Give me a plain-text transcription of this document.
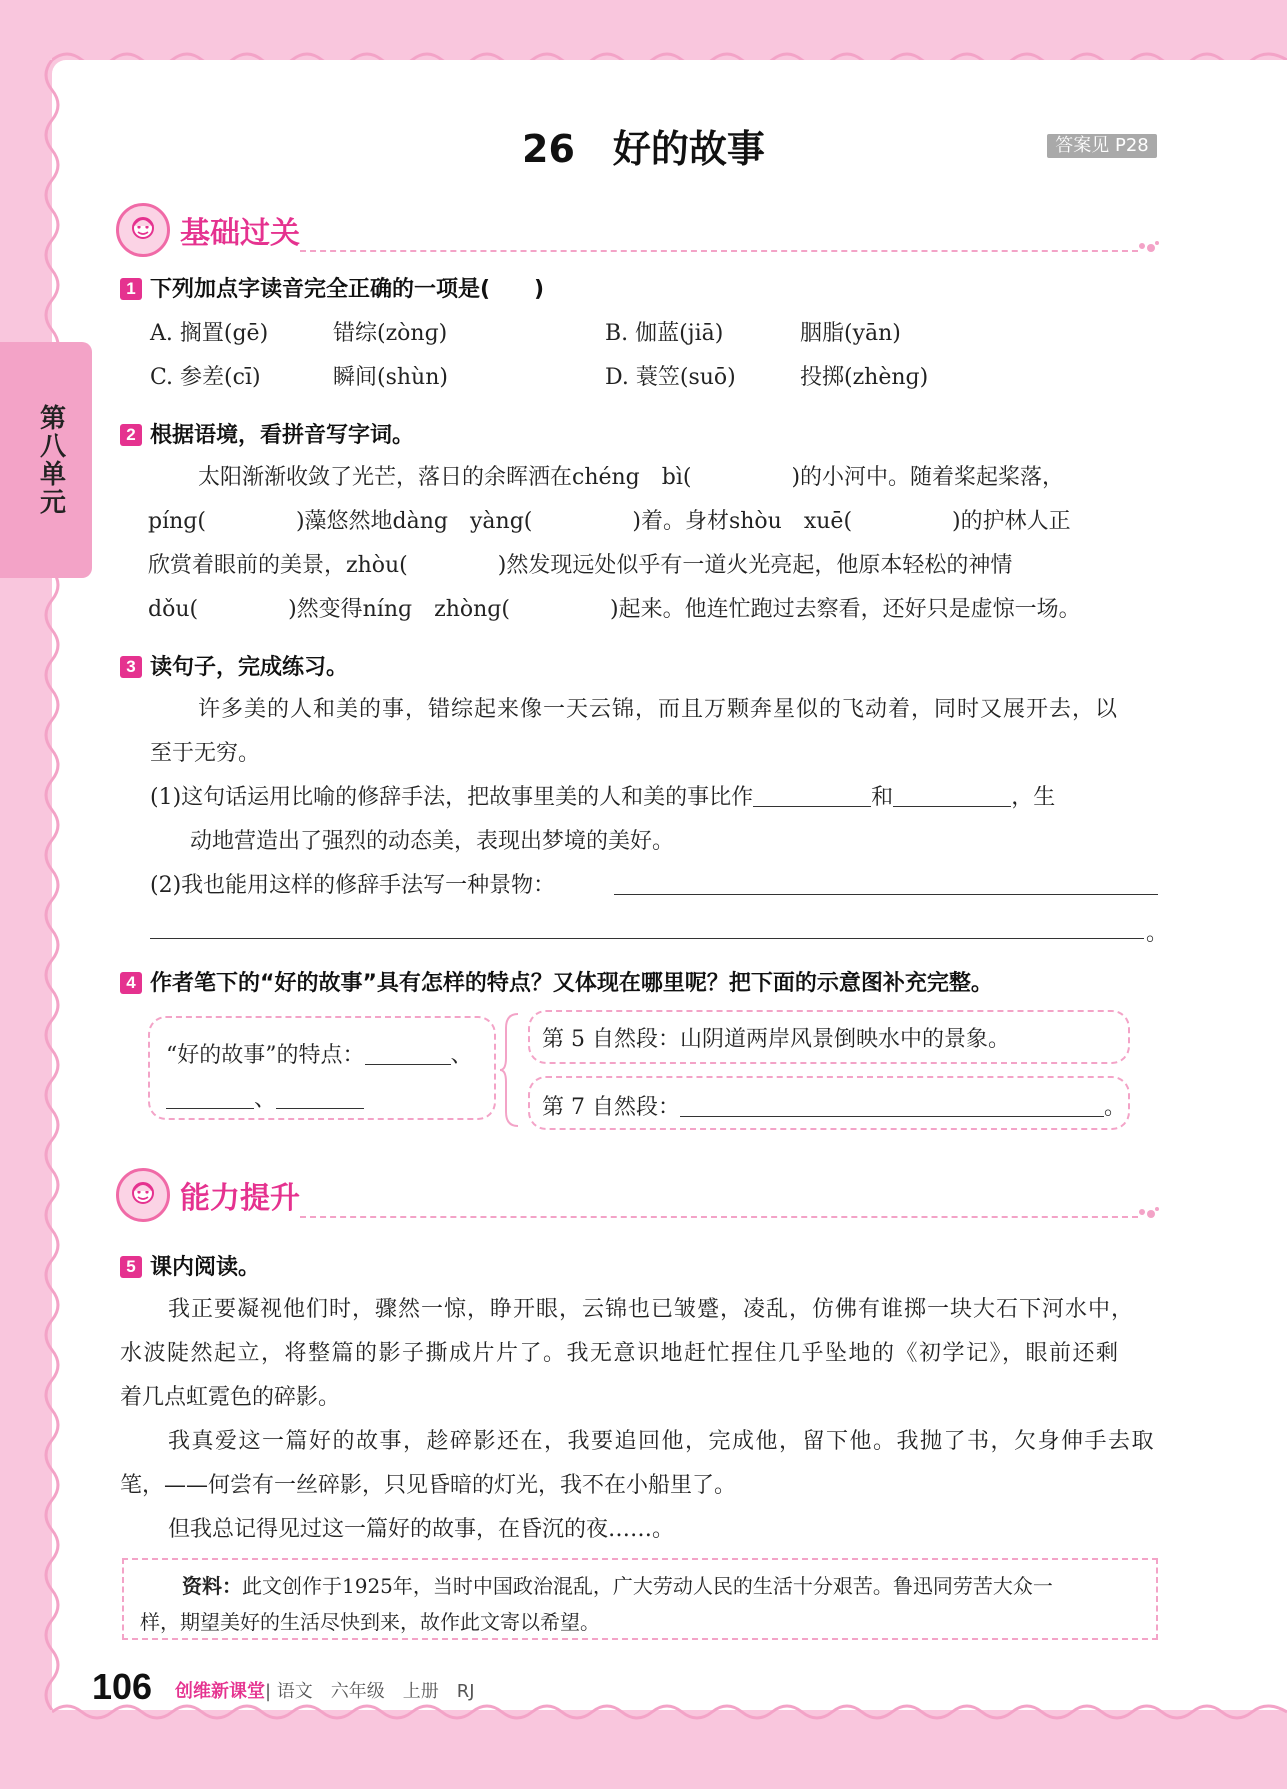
第八单元
26　好的故事	答案见 P28
基础过关
1 下列加点字读音完全正确的一项是(　　)
A. 搁置(gē)	错综(zònɡ)	B. 伽蓝(jiā)	胭脂(yān)
C. 参差(cī)	瞬间(shùn)	D. 蓑笠(suō)	投掷(zhènɡ)
2 根据语境，看拼音写字词。
太阳渐渐收敛了光芒，落日的余晖洒在chéng　bì(	)的小河中。随着桨起桨落，
pínɡ(	)藻悠然地dàng　yàng(	)着。身材shòu　xuē(	)的护林人正
欣赏着眼前的美景，zhòu(	)然发现远处似乎有一道火光亮起，他原本轻松的神情
dǒu(	)然变得nínɡ　zhònɡ(	)起来。他连忙跑过去察看，还好只是虚惊一场。
3 读句子，完成练习。
许多美的人和美的事，错综起来像一天云锦，而且万颗奔星似的飞动着，同时又展开去，以
至于无穷。
(1)这句话运用比喻的修辞手法，把故事里美的人和美的事比作	和	，生
动地营造出了强烈的动态美，表现出梦境的美好。
(2)我也能用这样的修辞手法写一种景物：
。
4 作者笔下的“好的故事”具有怎样的特点？又体现在哪里呢？把下面的示意图补充完整。
“好的故事”的特点：	、
、
第 5 自然段：山阴道两岸风景倒映水中的景象。
第 7 自然段：	。
能力提升
5 课内阅读。
我正要凝视他们时，骤然一惊，睁开眼，云锦也已皱蹙，凌乱，仿佛有谁掷一块大石下河水中，
水波陡然起立，将整篇的影子撕成片片了。我无意识地赶忙捏住几乎坠地的《初学记》，眼前还剩
着几点虹霓色的碎影。
我真爱这一篇好的故事，趁碎影还在，我要追回他，完成他，留下他。我抛了书，欠身伸手去取
笔，——何尝有一丝碎影，只见昏暗的灯光，我不在小船里了。
但我总记得见过这一篇好的故事，在昏沉的夜……。
资料：此文创作于1925年，当时中国政治混乱，广大劳动人民的生活十分艰苦。鲁迅同劳苦大众一
样，期望美好的生活尽快到来，故作此文寄以希望。
106 创维新课堂| 语文　六年级　上册　RJ
